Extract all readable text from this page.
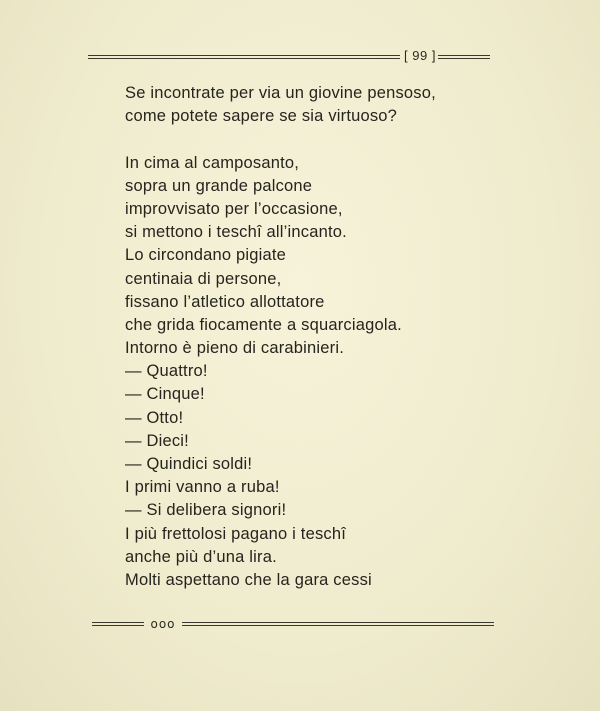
[ 99 ]
Se incontrate per via un giovine pensoso,
come potete sapere se sia virtuoso?
In cima al camposanto,
sopra un grande palcone
improvvisato per l’occasione,
si mettono i teschî all’incanto.
Lo circondano pigiate
centinaia di persone,
fissano l’atletico allottatore
che grida fiocamente a squarciagola.
Intorno è pieno di carabinieri.
— Quattro!
— Cinque!
— Otto!
— Dieci!
— Quindici soldi!
I primi vanno a ruba!
— Si delibera signori!
I più frettolosi pagano i teschî
anche più d’una lira.
Molti aspettano che la gara cessi
ooo
